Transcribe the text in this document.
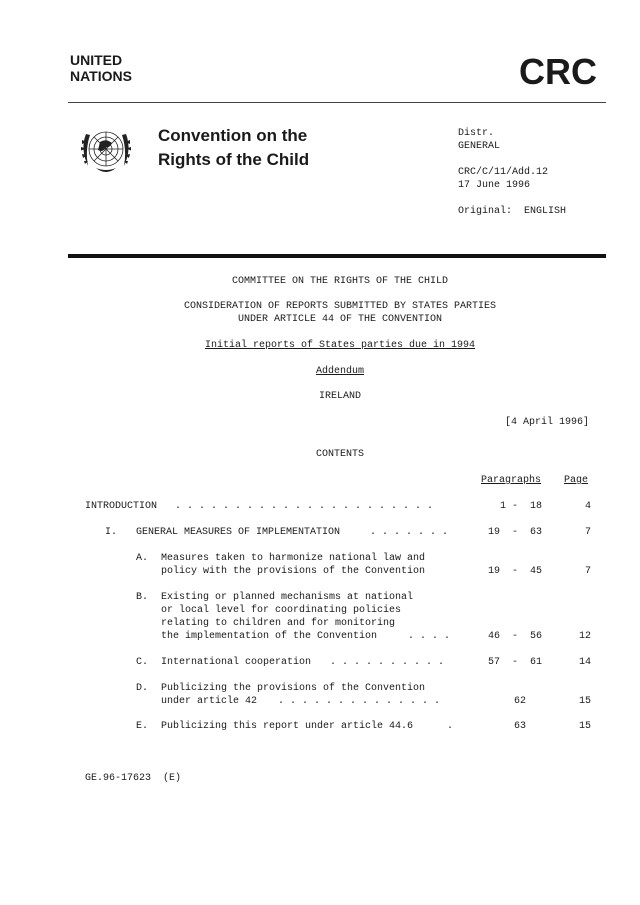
UNITED
NATIONS	CRC
Convention on the
Rights of the Child
Distr.
GENERAL
CRC/C/11/Add.12
17 June 1996
Original:  ENGLISH
COMMITTEE ON THE RIGHTS OF THE CHILD
CONSIDERATION OF REPORTS SUBMITTED BY STATES PARTIES
UNDER ARTICLE 44 OF THE CONVENTION
Initial reports of States parties due in 1994
Addendum
IRELAND
[4 April 1996]
CONTENTS
Paragraphs Page
INTRODUCTION . . . . . . . . . . . . . . . . . . . . . .	1 -  18	4
I. GENERAL MEASURES OF IMPLEMENTATION	. . . . . . .	19  -  63	7
A. Measures taken to harmonize national law and
policy with the provisions of the Convention	19  -  45	7
B. Existing or planned mechanisms at national
or local level for coordinating policies
relating to children and for monitoring
the implementation of the Convention	. . . .	46  -  56	12
C. International cooperation . . . . . . . . . .	57  -  61	14
D. Publicizing the provisions of the Convention
under article 42	. . . . . . . . . . . . . .	62	15
E. Publicizing this report under article 44.6	.	63	15
GE.96-17623  (E)
